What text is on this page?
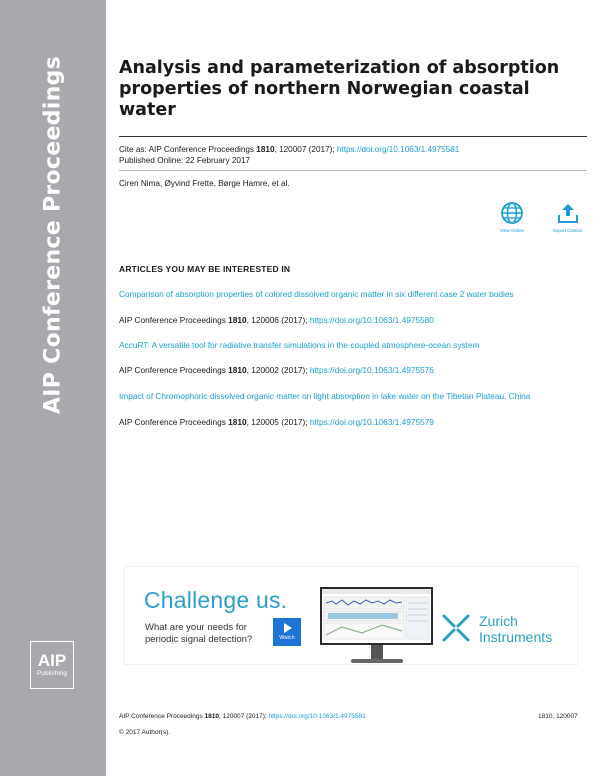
AIP Conference Proceedings
AIP
Publishing
Analysis and parameterization of absorption properties of northern Norwegian coastal water
Cite as: AIP Conference Proceedings 1810, 120007 (2017); https://doi.org/10.1063/1.4975581
Published Online: 22 February 2017
Ciren Nima, Øyvind Frette, Børge Hamre, et al.
View Online	Export Citation
ARTICLES YOU MAY BE INTERESTED IN
Comparison of absorption properties of colored dissolved organic matter in six different case 2 water bodies
AIP Conference Proceedings 1810, 120006 (2017); https://doi.org/10.1063/1.4975580
AccuRT: A versatile tool for radiative transfer simulations in the coupled atmosphere-ocean system
AIP Conference Proceedings 1810, 120002 (2017); https://doi.org/10.1063/1.4975576
Impact of Chromophoric dissolved organic matter on light absorption in lake water on the Tibetan Plateau, China
AIP Conference Proceedings 1810, 120005 (2017); https://doi.org/10.1063/1.4975579
Challenge us.
What are your needs for periodic signal detection?	Watch
Zurich
Instruments
AIP Conference Proceedings 1810, 120007 (2017); https://doi.org/10.1063/1.4975581	1810, 120007
© 2017 Author(s).
